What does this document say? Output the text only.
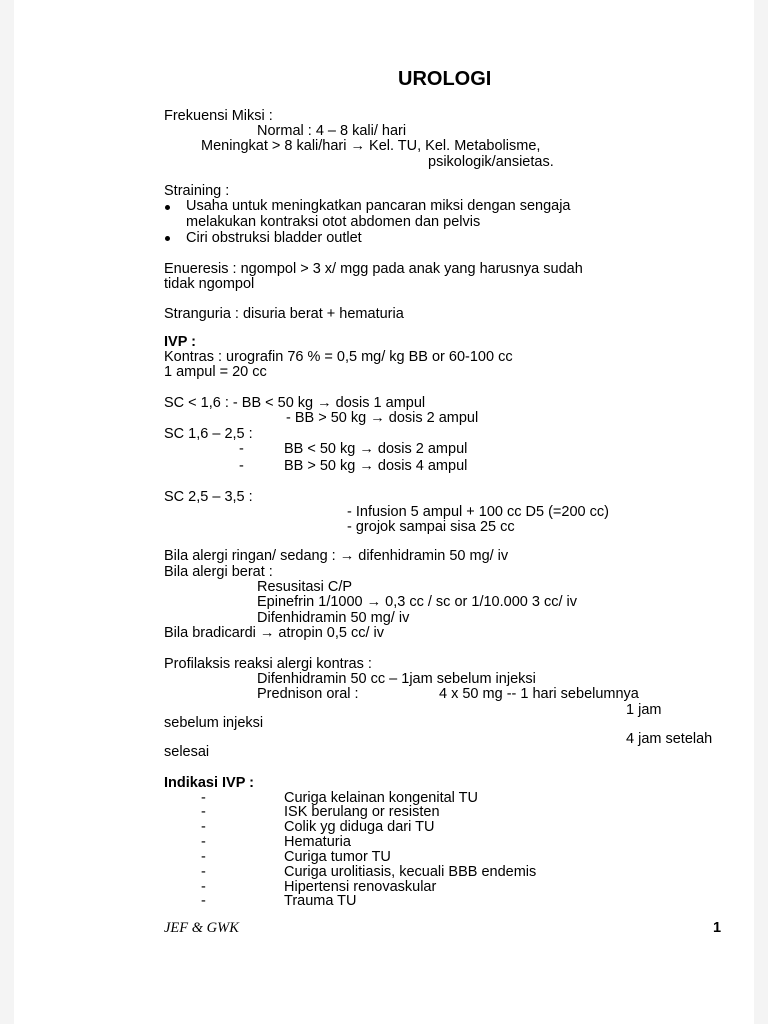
UROLOGI
Frekuensi Miksi :
Normal : 4 – 8 kali/ hari
Meningkat > 8 kali/hari → Kel. TU, Kel. Metabolisme,
psikologik/ansietas.
Straining :
Usaha untuk meningkatkan pancaran miksi dengan sengaja
melakukan kontraksi otot abdomen dan pelvis
Ciri obstruksi bladder outlet
Enueresis : ngompol > 3 x/ mgg pada anak yang harusnya sudah
tidak ngompol
Stranguria : disuria berat + hematuria
IVP :
Kontras : urografin 76 % = 0,5 mg/ kg BB or 60-100 cc
1 ampul = 20 cc
SC < 1,6 : - BB < 50 kg → dosis 1 ampul
- BB > 50 kg → dosis 2 ampul
SC 1,6 – 2,5 :
-	BB < 50 kg → dosis 2 ampul
-	BB > 50 kg → dosis 4 ampul
SC 2,5 – 3,5 :
- Infusion 5 ampul + 100 cc D5 (=200 cc)
- grojok sampai sisa 25 cc
Bila alergi ringan/ sedang : → difenhidramin 50 mg/ iv
Bila alergi berat :
Resusitasi C/P
Epinefrin 1/1000 → 0,3 cc / sc or 1/10.000 3 cc/ iv
Difenhidramin 50 mg/ iv
Bila bradicardi → atropin 0,5 cc/ iv
Profilaksis reaksi alergi kontras :
Difenhidramin 50 cc – 1jam sebelum injeksi
Prednison oral :	4 x 50 mg -- 1 hari sebelumnya
1 jam
sebelum injeksi
4 jam setelah
selesai
Indikasi IVP :
-	Curiga kelainan kongenital TU
-	ISK berulang or resisten
-	Colik yg diduga dari TU
-	Hematuria
-	Curiga tumor TU
-	Curiga urolitiasis, kecuali BBB endemis
-	Hipertensi renovaskular
-	Trauma TU
JEF & GWK	1
